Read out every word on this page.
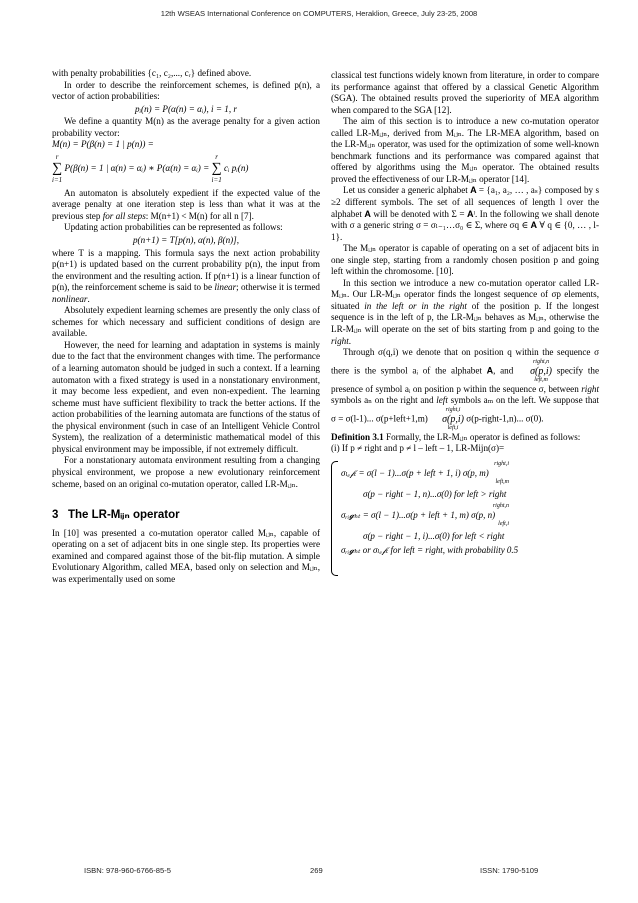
12th WSEAS International Conference on COMPUTERS, Heraklion, Greece, July 23-25, 2008

with penalty probabilities {c₁, c₂,..., cᵣ} defined above.

In order to describe the reinforcement schemes, is defined p(n), a vector of action probabilities:

pᵢ(n) = P(α(n) = αᵢ), i = 1, r

We define a quantity M(n) as the average penalty for a given action probability vector:

M(n) = P(β(n) = 1 | p(n)) =

r
∑
i=1 P(β(n) = 1 | α(n) = αᵢ) ∗ P(α(n) = αᵢ) = r
∑
i=1 cᵢ pᵢ(n)

An automaton is absolutely expedient if the expected value of the average penalty at one iteration step is less than what it was at the previous step for all steps: M(n+1) < M(n) for all n [7].

Updating action probabilities can be represented as follows:

p(n+1) = T[p(n), α(n), β(n)],

where T is a mapping. This formula says the next action probability p(n+1) is updated based on the current probability p(n), the input from the environment and the resulting action. If p(n+1) is a linear function of p(n), the reinforcement scheme is said to be linear; otherwise it is termed nonlinear.

Absolutely expedient learning schemes are presently the only class of schemes for which necessary and sufficient conditions of design are available.

However, the need for learning and adaptation in systems is mainly due to the fact that the environment changes with time. The performance of a learning automaton should be judged in such a context. If a learning automaton with a fixed strategy is used in a nonstationary environment, it may become less expedient, and even non-expedient. The learning scheme must have sufficient flexibility to track the better actions. If the action probabilities of the learning automata are functions of the status of the physical environment (such in case of an Intelligent Vehicle Control System), the realization of a deterministic mathematical model of this physical environment may be impossible, if not extremely difficult.

For a nonstationary automata environment resulting from a changing physical environment, we propose a new evolutionary reinforcement scheme, based on an original co-mutation operator, called LR-Mᵢⱼₙ.

3 The LR-Mᵢⱼₙ operator

In [10] was presented a co-mutation operator called Mᵢⱼₙ, capable of operating on a set of adjacent bits in one single step. Its properties were examined and compared against those of the bit-flip mutation. A simple Evolutionary Algorithm, called MEA, based only on selection and Mᵢⱼₙ, was experimentally used on some

classical test functions widely known from literature, in order to compare its performance against that offered by a classical Genetic Algorithm (SGA). The obtained results proved the superiority of MEA algorithm when compared to the SGA [12].

The aim of this section is to introduce a new co-mutation operator called LR-Mᵢⱼₙ, derived from Mᵢⱼₙ. The LR-MEA algorithm, based on the LR-Mᵢⱼₙ operator, was used for the optimization of some well-known benchmark functions and its performance was compared against that offered by algorithms using the Mᵢⱼₙ operator. The obtained results proved the effectiveness of our LR-Mᵢⱼₙ operator [14].

Let us consider a generic alphabet 𝐀 = {a₁, a₂, … , aₛ} composed by s ≥2 different symbols. The set of all sequences of length l over the alphabet 𝐀 will be denoted with Σ = 𝐀ˡ. In the following we shall denote with σ a generic string σ = σₗ₋₁…σ₀ ∈ Σ, where σq ∈ 𝐀 ∀ q ∈ {0, … , l-1}.

The Mᵢⱼₙ operator is capable of operating on a set of adjacent bits in one single step, starting from a randomly chosen position p and going left within the chromosome. [10].

In this section we introduce a new co-mutation operator called LR-Mᵢⱼₙ. Our LR-Mᵢⱼₙ operator finds the longest sequence of σp elements, situated in the left or in the right of the position p. If the longest sequence is in the left of p, the LR-Mᵢⱼₙ behaves as Mᵢⱼₙ, otherwise the LR-Mᵢⱼₙ will operate on the set of bits starting from p and going to the right.

Through σ(q,i) we denote that on position q within the sequence σ there is the symbol aᵢ of the alphabet 𝐀, and
right,n
σ(p,i)
left,m
specify the presence of symbol aᵢ on position p within the sequence σ, between right symbols aₙ on the right and left symbols aₘ on the left. We suppose that σ = σ(l-1)... σ(p+left+1,m)
right,i
σ(p,i)
left,i
σ(p-right-1,n)... σ(0).

Definition 3.1 Formally, the LR-Mᵢⱼₙ operator is defined as follows:

(i) If p ≠ right and p ≠ l – left – 1, LR-Mijn(σ)=

right,i
σₗₑ𝒻ₜ = σ(l − 1)...σ(p + left + 1, i) σ(p, m)
left,m
σ(p − right − 1, n)...σ(0) for left > right
right,n
σᵣᵢ𝓰ₕₜ = σ(l − 1)...σ(p + left + 1, m) σ(p, n)
left,i
σ(p − right − 1, i)...σ(0) for left < right
σᵣᵢ𝓰ₕₜ or σₗₑ𝒻ₜ for left = right, with probability 0.5
ISBN: 978-960-6766-85-5	269	ISSN: 1790-5109
